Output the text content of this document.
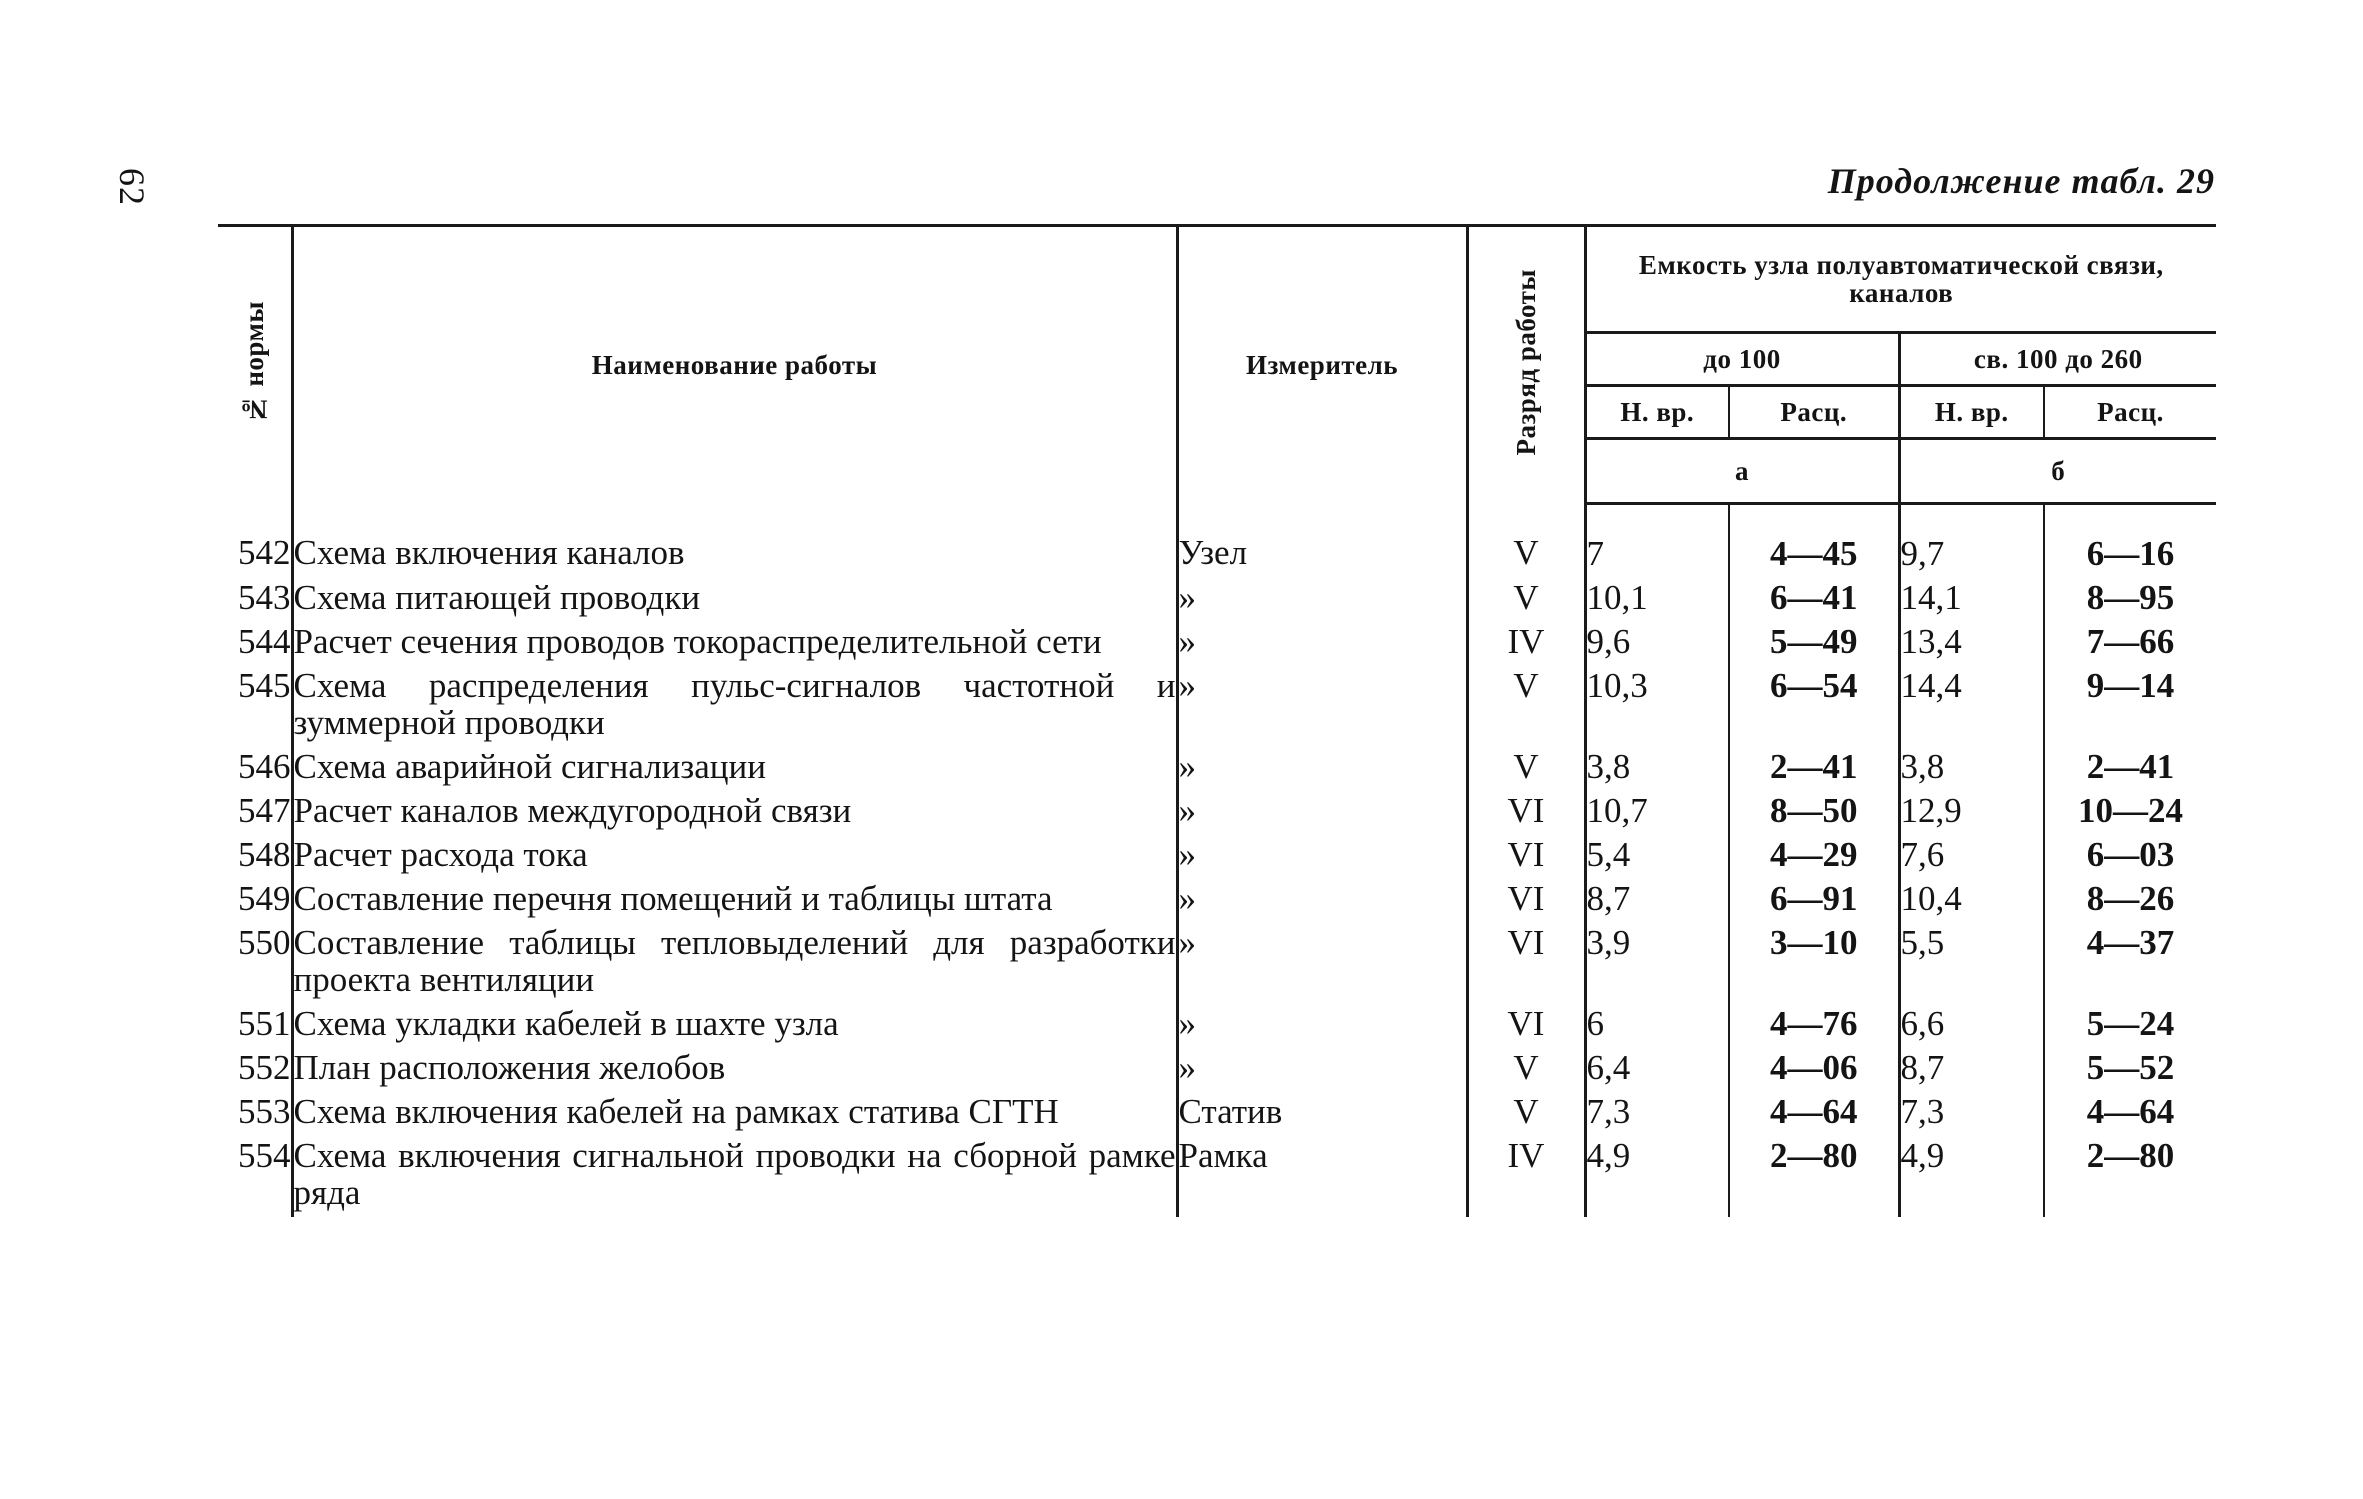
62	Продолжение табл. 29
№ нормы	Наименование работы	Измеритель	Разряд работы	Емкость узла полуавтоматической связи, каналов			
				до 100		св. 100 до 260	
				Н. вр.	Расц.	Н. вр.	Расц.
				а		б	
542	Схема включения каналов	Узел	V	7	4—45	9,7	6—16
543	Схема питающей проводки	»	V	10,1	6—41	14,1	8—95
544	Расчет сечения проводов токораспределительной сети	»	IV	9,6	5—49	13,4	7—66
545	Схема распределения пульс-сигналов частотной и зуммерной проводки	»	V	10,3	6—54	14,4	9—14
546	Схема аварийной сигнализации	»	V	3,8	2—41	3,8	2—41
547	Расчет каналов междугородной связи	»	VI	10,7	8—50	12,9	10—24
548	Расчет расхода тока	»	VI	5,4	4—29	7,6	6—03
549	Составление перечня помещений и таблицы штата	»	VI	8,7	6—91	10,4	8—26
550	Составление таблицы тепловыделений для разработки проекта вентиляции	»	VI	3,9	3—10	5,5	4—37
551	Схема укладки кабелей в шахте узла	»	VI	6	4—76	6,6	5—24
552	План расположения желобов	»	V	6,4	4—06	8,7	5—52
553	Схема включения кабелей на рамках статива СГТН	Статив	V	7,3	4—64	7,3	4—64
554	Схема включения сигнальной проводки на сборной рамке ряда	Рамка	IV	4,9	2—80	4,9	2—80
